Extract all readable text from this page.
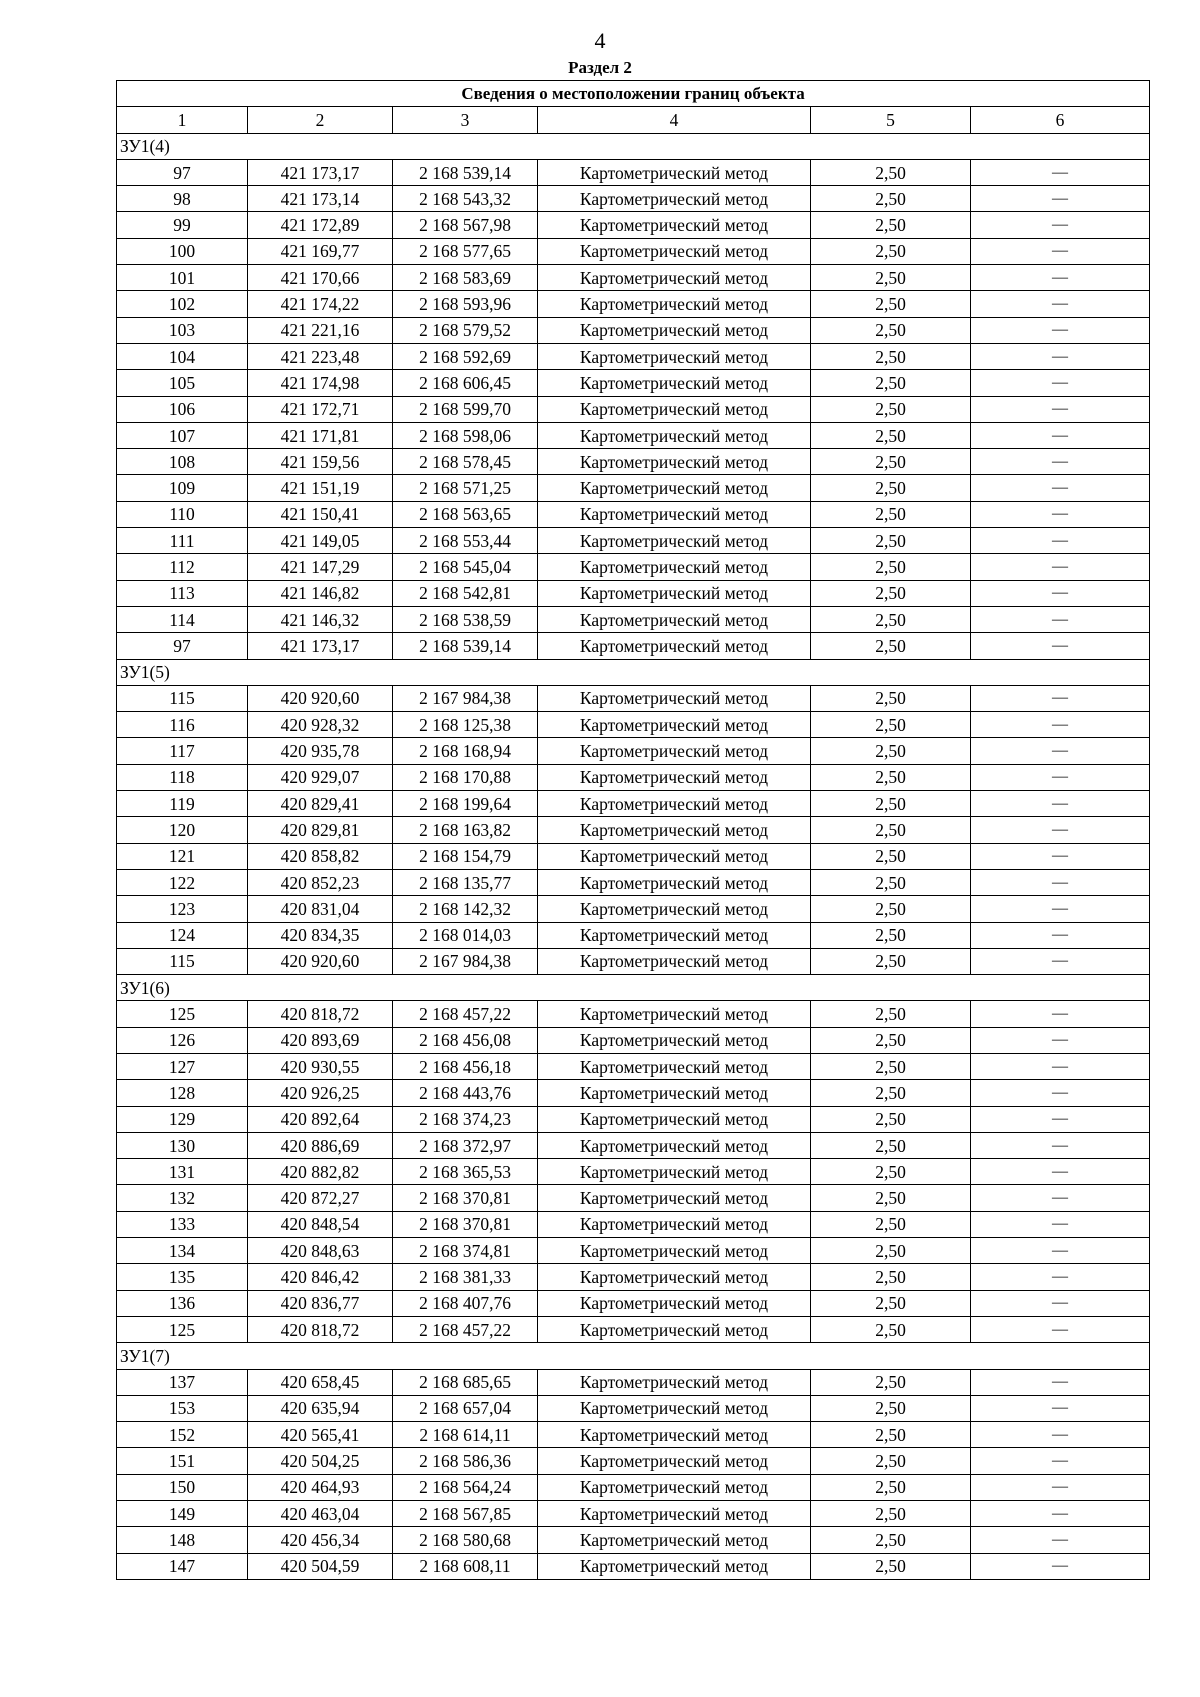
4
Раздел 2
Сведения о местоположении границ объекта					
1	2	3	4	5	6
ЗУ1(4)					
97	421 173,17	2 168 539,14	Картометрический метод	2,50	—
98	421 173,14	2 168 543,32	Картометрический метод	2,50	—
99	421 172,89	2 168 567,98	Картометрический метод	2,50	—
100	421 169,77	2 168 577,65	Картометрический метод	2,50	—
101	421 170,66	2 168 583,69	Картометрический метод	2,50	—
102	421 174,22	2 168 593,96	Картометрический метод	2,50	—
103	421 221,16	2 168 579,52	Картометрический метод	2,50	—
104	421 223,48	2 168 592,69	Картометрический метод	2,50	—
105	421 174,98	2 168 606,45	Картометрический метод	2,50	—
106	421 172,71	2 168 599,70	Картометрический метод	2,50	—
107	421 171,81	2 168 598,06	Картометрический метод	2,50	—
108	421 159,56	2 168 578,45	Картометрический метод	2,50	—
109	421 151,19	2 168 571,25	Картометрический метод	2,50	—
110	421 150,41	2 168 563,65	Картометрический метод	2,50	—
111	421 149,05	2 168 553,44	Картометрический метод	2,50	—
112	421 147,29	2 168 545,04	Картометрический метод	2,50	—
113	421 146,82	2 168 542,81	Картометрический метод	2,50	—
114	421 146,32	2 168 538,59	Картометрический метод	2,50	—
97	421 173,17	2 168 539,14	Картометрический метод	2,50	—
ЗУ1(5)					
115	420 920,60	2 167 984,38	Картометрический метод	2,50	—
116	420 928,32	2 168 125,38	Картометрический метод	2,50	—
117	420 935,78	2 168 168,94	Картометрический метод	2,50	—
118	420 929,07	2 168 170,88	Картометрический метод	2,50	—
119	420 829,41	2 168 199,64	Картометрический метод	2,50	—
120	420 829,81	2 168 163,82	Картометрический метод	2,50	—
121	420 858,82	2 168 154,79	Картометрический метод	2,50	—
122	420 852,23	2 168 135,77	Картометрический метод	2,50	—
123	420 831,04	2 168 142,32	Картометрический метод	2,50	—
124	420 834,35	2 168 014,03	Картометрический метод	2,50	—
115	420 920,60	2 167 984,38	Картометрический метод	2,50	—
ЗУ1(6)					
125	420 818,72	2 168 457,22	Картометрический метод	2,50	—
126	420 893,69	2 168 456,08	Картометрический метод	2,50	—
127	420 930,55	2 168 456,18	Картометрический метод	2,50	—
128	420 926,25	2 168 443,76	Картометрический метод	2,50	—
129	420 892,64	2 168 374,23	Картометрический метод	2,50	—
130	420 886,69	2 168 372,97	Картометрический метод	2,50	—
131	420 882,82	2 168 365,53	Картометрический метод	2,50	—
132	420 872,27	2 168 370,81	Картометрический метод	2,50	—
133	420 848,54	2 168 370,81	Картометрический метод	2,50	—
134	420 848,63	2 168 374,81	Картометрический метод	2,50	—
135	420 846,42	2 168 381,33	Картометрический метод	2,50	—
136	420 836,77	2 168 407,76	Картометрический метод	2,50	—
125	420 818,72	2 168 457,22	Картометрический метод	2,50	—
ЗУ1(7)					
137	420 658,45	2 168 685,65	Картометрический метод	2,50	—
153	420 635,94	2 168 657,04	Картометрический метод	2,50	—
152	420 565,41	2 168 614,11	Картометрический метод	2,50	—
151	420 504,25	2 168 586,36	Картометрический метод	2,50	—
150	420 464,93	2 168 564,24	Картометрический метод	2,50	—
149	420 463,04	2 168 567,85	Картометрический метод	2,50	—
148	420 456,34	2 168 580,68	Картометрический метод	2,50	—
147	420 504,59	2 168 608,11	Картометрический метод	2,50	—
